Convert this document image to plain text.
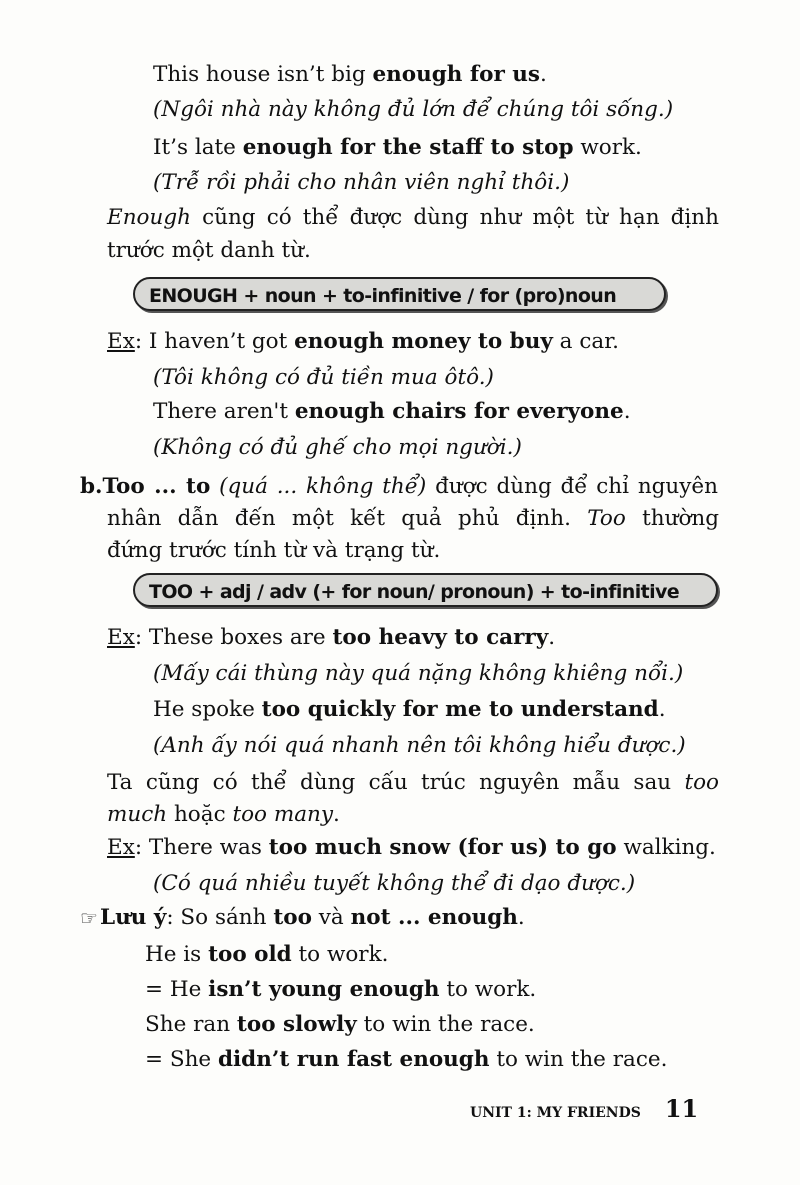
This house isn’t big enough for us.
(Ngôi nhà này không đủ lớn để chúng tôi sống.)
It’s late enough for the staff to stop work.
(Trễ rồi phải cho nhân viên nghỉ thôi.)
Enough cũng có thể được dùng như một từ hạn định
trước một danh từ.
Ex: I haven’t got enough money to buy a car.
(Tôi không có đủ tiền mua ôtô.)
There aren't enough chairs for everyone.
(Không có đủ ghế cho mọi người.)
b.Too ... to (quá ... không thể) được dùng để chỉ nguyên
nhân dẫn đến một kết quả phủ định. Too thường
đứng trước tính từ và trạng từ.
Ex: These boxes are too heavy to carry.
(Mấy cái thùng này quá nặng không khiêng nổi.)
He spoke too quickly for me to understand.
(Anh ấy nói quá nhanh nên tôi không hiểu được.)
Ta cũng có thể dùng cấu trúc nguyên mẫu sau too
much hoặc too many.
Ex: There was too much snow (for us) to go walking.
(Có quá nhiều tuyết không thể đi dạo được.)
Lưu ý: So sánh too và not ... enough.
He is too old to work.
= He isn’t young enough to work.
She ran too slowly to win the race.
= She didn’t run fast enough to win the race.
ENOUGH + noun + to-infinitive / for (pro)noun
TOO + adj / adv (+ for noun/ pronoun) + to-infinitive
☞
UNIT 1: MY FRIENDS 11
